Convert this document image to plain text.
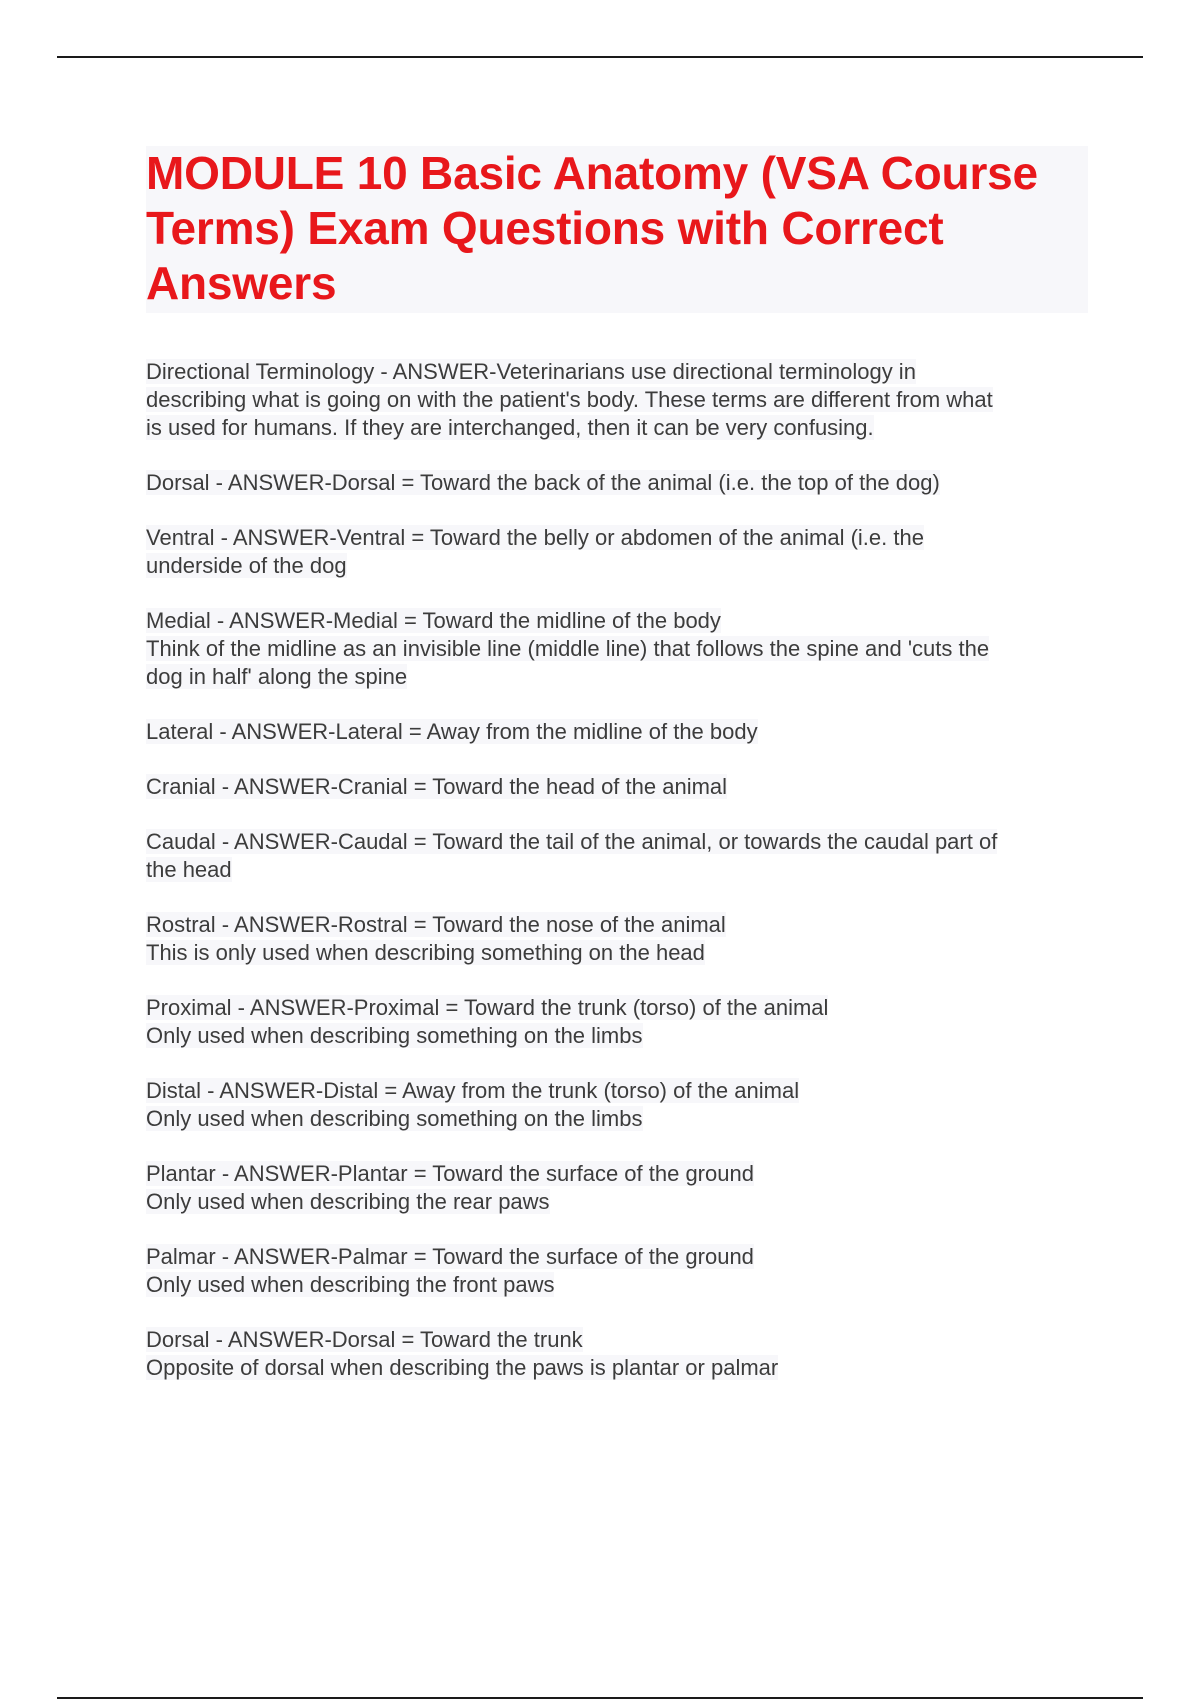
MODULE 10 Basic Anatomy (VSA Course Terms) Exam Questions with Correct Answers
Directional Terminology - ANSWER-Veterinarians use directional terminology in
describing what is going on with the patient's body. These terms are different from what
is used for humans. If they are interchanged, then it can be very confusing.
Dorsal - ANSWER-Dorsal = Toward the back of the animal (i.e. the top of the dog)
Ventral - ANSWER-Ventral = Toward the belly or abdomen of the animal (i.e. the
underside of the dog
Medial - ANSWER-Medial = Toward the midline of the body
Think of the midline as an invisible line (middle line) that follows the spine and 'cuts the
dog in half' along the spine
Lateral - ANSWER-Lateral = Away from the midline of the body
Cranial - ANSWER-Cranial = Toward the head of the animal
Caudal - ANSWER-Caudal = Toward the tail of the animal, or towards the caudal part of
the head
Rostral - ANSWER-Rostral = Toward the nose of the animal
This is only used when describing something on the head
Proximal - ANSWER-Proximal = Toward the trunk (torso) of the animal
Only used when describing something on the limbs
Distal - ANSWER-Distal = Away from the trunk (torso) of the animal
Only used when describing something on the limbs
Plantar - ANSWER-Plantar = Toward the surface of the ground
Only used when describing the rear paws
Palmar - ANSWER-Palmar = Toward the surface of the ground
Only used when describing the front paws
Dorsal - ANSWER-Dorsal = Toward the trunk
Opposite of dorsal when describing the paws is plantar or palmar
